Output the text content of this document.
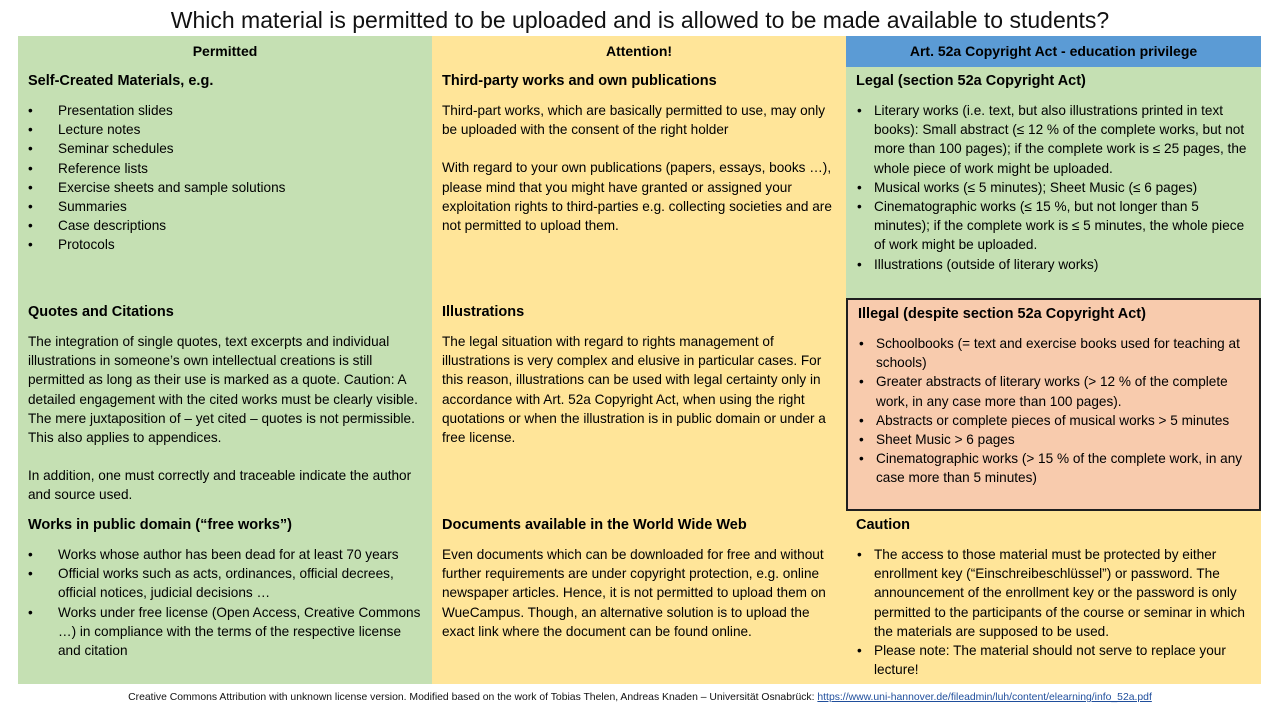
Which material is permitted to be uploaded and is allowed to be made available to students?
Permitted
Self-Created Materials, e.g.
• Presentation slides
• Lecture notes
• Seminar schedules
• Reference lists
• Exercise sheets and sample solutions
• Summaries
• Case descriptions
• Protocols
Quotes and Citations
The integration of single quotes, text excerpts and individual illustrations in someone’s own intellectual creations is still permitted as long as their use is marked as a quote. Caution: A detailed engagement with the cited works must be clearly visible. The mere juxtaposition of – yet cited – quotes is not permissible. This also applies to appendices.
In addition, one must correctly and traceable indicate the author and source used.
Works in public domain (“free works”)
• Works whose author has been dead for at least 70 years
• Official works such as acts, ordinances, official decrees, official notices, judicial decisions …
• Works under free license (Open Access, Creative Commons …) in compliance with the terms of the respective license and citation
Attention!
Third-party works and own publications
Third-part works, which are basically permitted to use, may only be uploaded with the consent of the right holder
With regard to your own publications (papers, essays, books …), please mind that you might have granted or assigned your exploitation rights to third-parties e.g. collecting societies and are not permitted to upload them.
Illustrations
The legal situation with regard to rights management of illustrations is very complex and elusive in particular cases. For this reason, illustrations can be used with legal certainty only in accordance with Art. 52a Copyright Act, when using the right quotations or when the illustration is in public domain or under a free license.
Documents available in the World Wide Web
Even documents which can be downloaded for free and without further requirements are under copyright protection, e.g. online newspaper articles. Hence, it is not permitted to upload them on WueCampus. Though, an alternative solution is to upload the exact link where the document can be found online.
Art. 52a Copyright Act - education privilege
Legal (section 52a Copyright Act)
• Literary works (i.e. text, but also illustrations printed in text books): Small abstract (≤ 12 % of the complete works, but not more than 100 pages); if the complete work is ≤ 25 pages, the whole piece of work might be uploaded.
• Musical works (≤ 5 minutes); Sheet Music (≤ 6 pages)
• Cinematographic works (≤ 15 %, but not longer than 5 minutes); if the complete work is ≤ 5 minutes, the whole piece of work might be uploaded.
• Illustrations (outside of literary works)
Illegal (despite section 52a Copyright Act)
• Schoolbooks (= text and exercise books used for teaching at schools)
• Greater abstracts of literary works (> 12 % of the complete work, in any case more than 100 pages).
• Abstracts or complete pieces of musical works > 5 minutes
• Sheet Music > 6 pages
• Cinematographic works (> 15 % of the complete work, in any case more than 5 minutes)
Caution
• The access to those material must be protected by either enrollment key (“Einschreibeschlüssel”) or password. The announcement of the enrollment key or the password is only permitted to the participants of the course or seminar in which the materials are supposed to be used.
• Please note: The material should not serve to replace your lecture!
Creative Commons Attribution with unknown license version. Modified based on the work of Tobias Thelen, Andreas Knaden – Universität Osnabrück: https://www.uni-hannover.de/fileadmin/luh/content/elearning/info_52a.pdf
